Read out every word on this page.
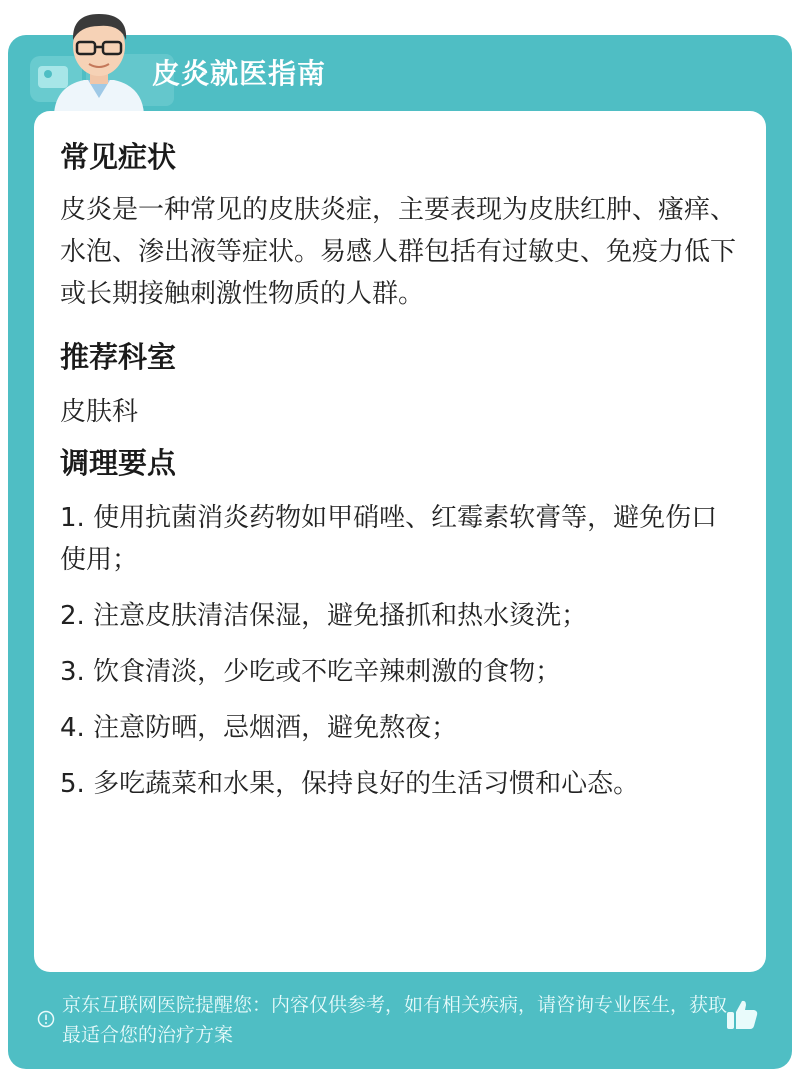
皮炎就医指南
常见症状
皮炎是一种常见的皮肤炎症，主要表现为皮肤红肿、瘙痒、水泡、渗出液等症状。易感人群包括有过敏史、免疫力低下或长期接触刺激性物质的人群。
推荐科室
皮肤科
调理要点
1. 使用抗菌消炎药物如甲硝唑、红霉素软膏等，避免伤口使用；
2. 注意皮肤清洁保湿，避免搔抓和热水烫洗；
3. 饮食清淡，少吃或不吃辛辣刺激的食物；
4. 注意防晒，忌烟酒，避免熬夜；
5. 多吃蔬菜和水果，保持良好的生活习惯和心态。
京东互联网医院提醒您：内容仅供参考，如有相关疾病，请咨询专业医生，获取最适合您的治疗方案
